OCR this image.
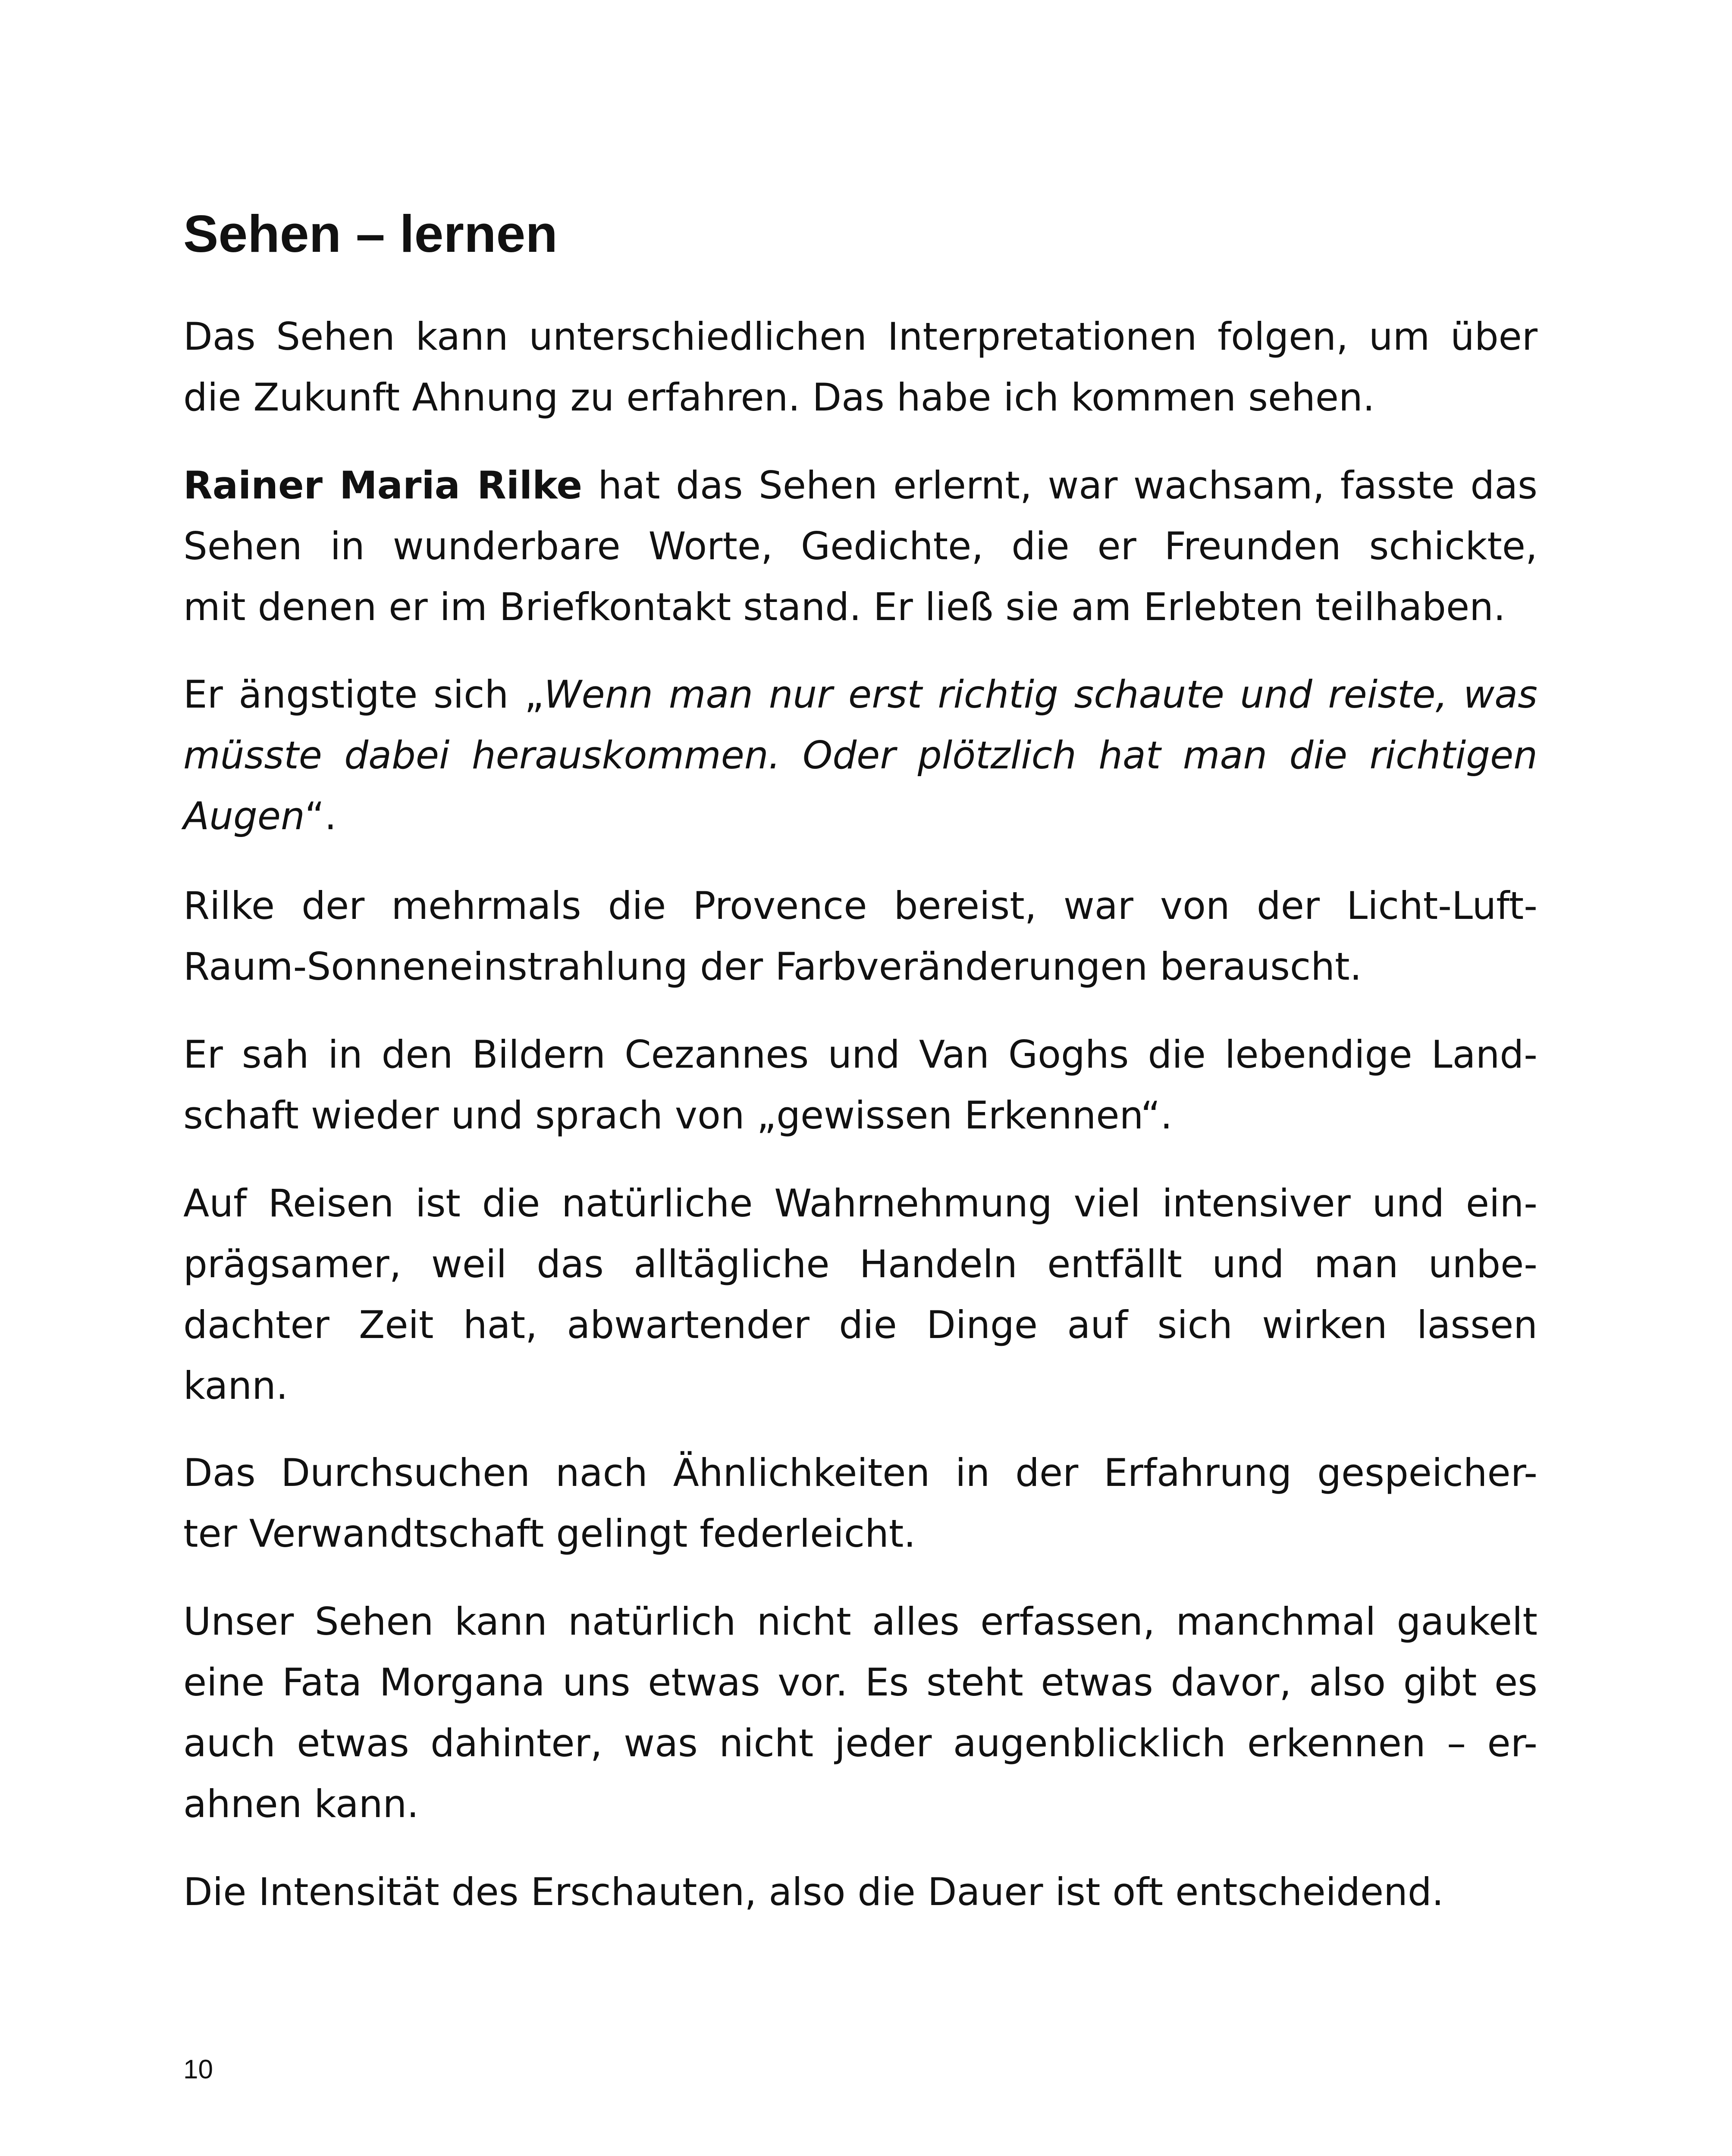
Sehen – lernen

Das Sehen kann unterschiedlichen Interpretationen folgen, um über
die Zukunft Ahnung zu erfahren. Das habe ich kommen sehen.

Rainer Maria Rilke hat das Sehen erlernt, war wachsam, fasste das
Sehen in wunderbare Worte, Gedichte, die er Freunden schickte,
mit denen er im Briefkontakt stand. Er ließ sie am Erlebten teilhaben.

Er ängstigte sich „Wenn man nur erst richtig schaute und reiste, was
müsste dabei herauskommen. Oder plötzlich hat man die richtigen
Augen“.

Rilke der mehrmals die Provence bereist, war von der Licht-Luft-
Raum-Sonneneinstrahlung der Farbveränderungen berauscht.

Er sah in den Bildern Cezannes und Van Goghs die lebendige Land-
schaft wieder und sprach von „gewissen Erkennen“.

Auf Reisen ist die natürliche Wahrnehmung viel intensiver und ein-
prägsamer, weil das alltägliche Handeln entfällt und man unbe-
dachter Zeit hat, abwartender die Dinge auf sich wirken lassen
kann.

Das Durchsuchen nach Ähnlichkeiten in der Erfahrung gespeicher-
ter Verwandtschaft gelingt federleicht.

Unser Sehen kann natürlich nicht alles erfassen, manchmal gaukelt
eine Fata Morgana uns etwas vor. Es steht etwas davor, also gibt es
auch etwas dahinter, was nicht jeder augenblicklich erkennen – er-
ahnen kann.

Die Intensität des Erschauten, also die Dauer ist oft entscheidend.

10
